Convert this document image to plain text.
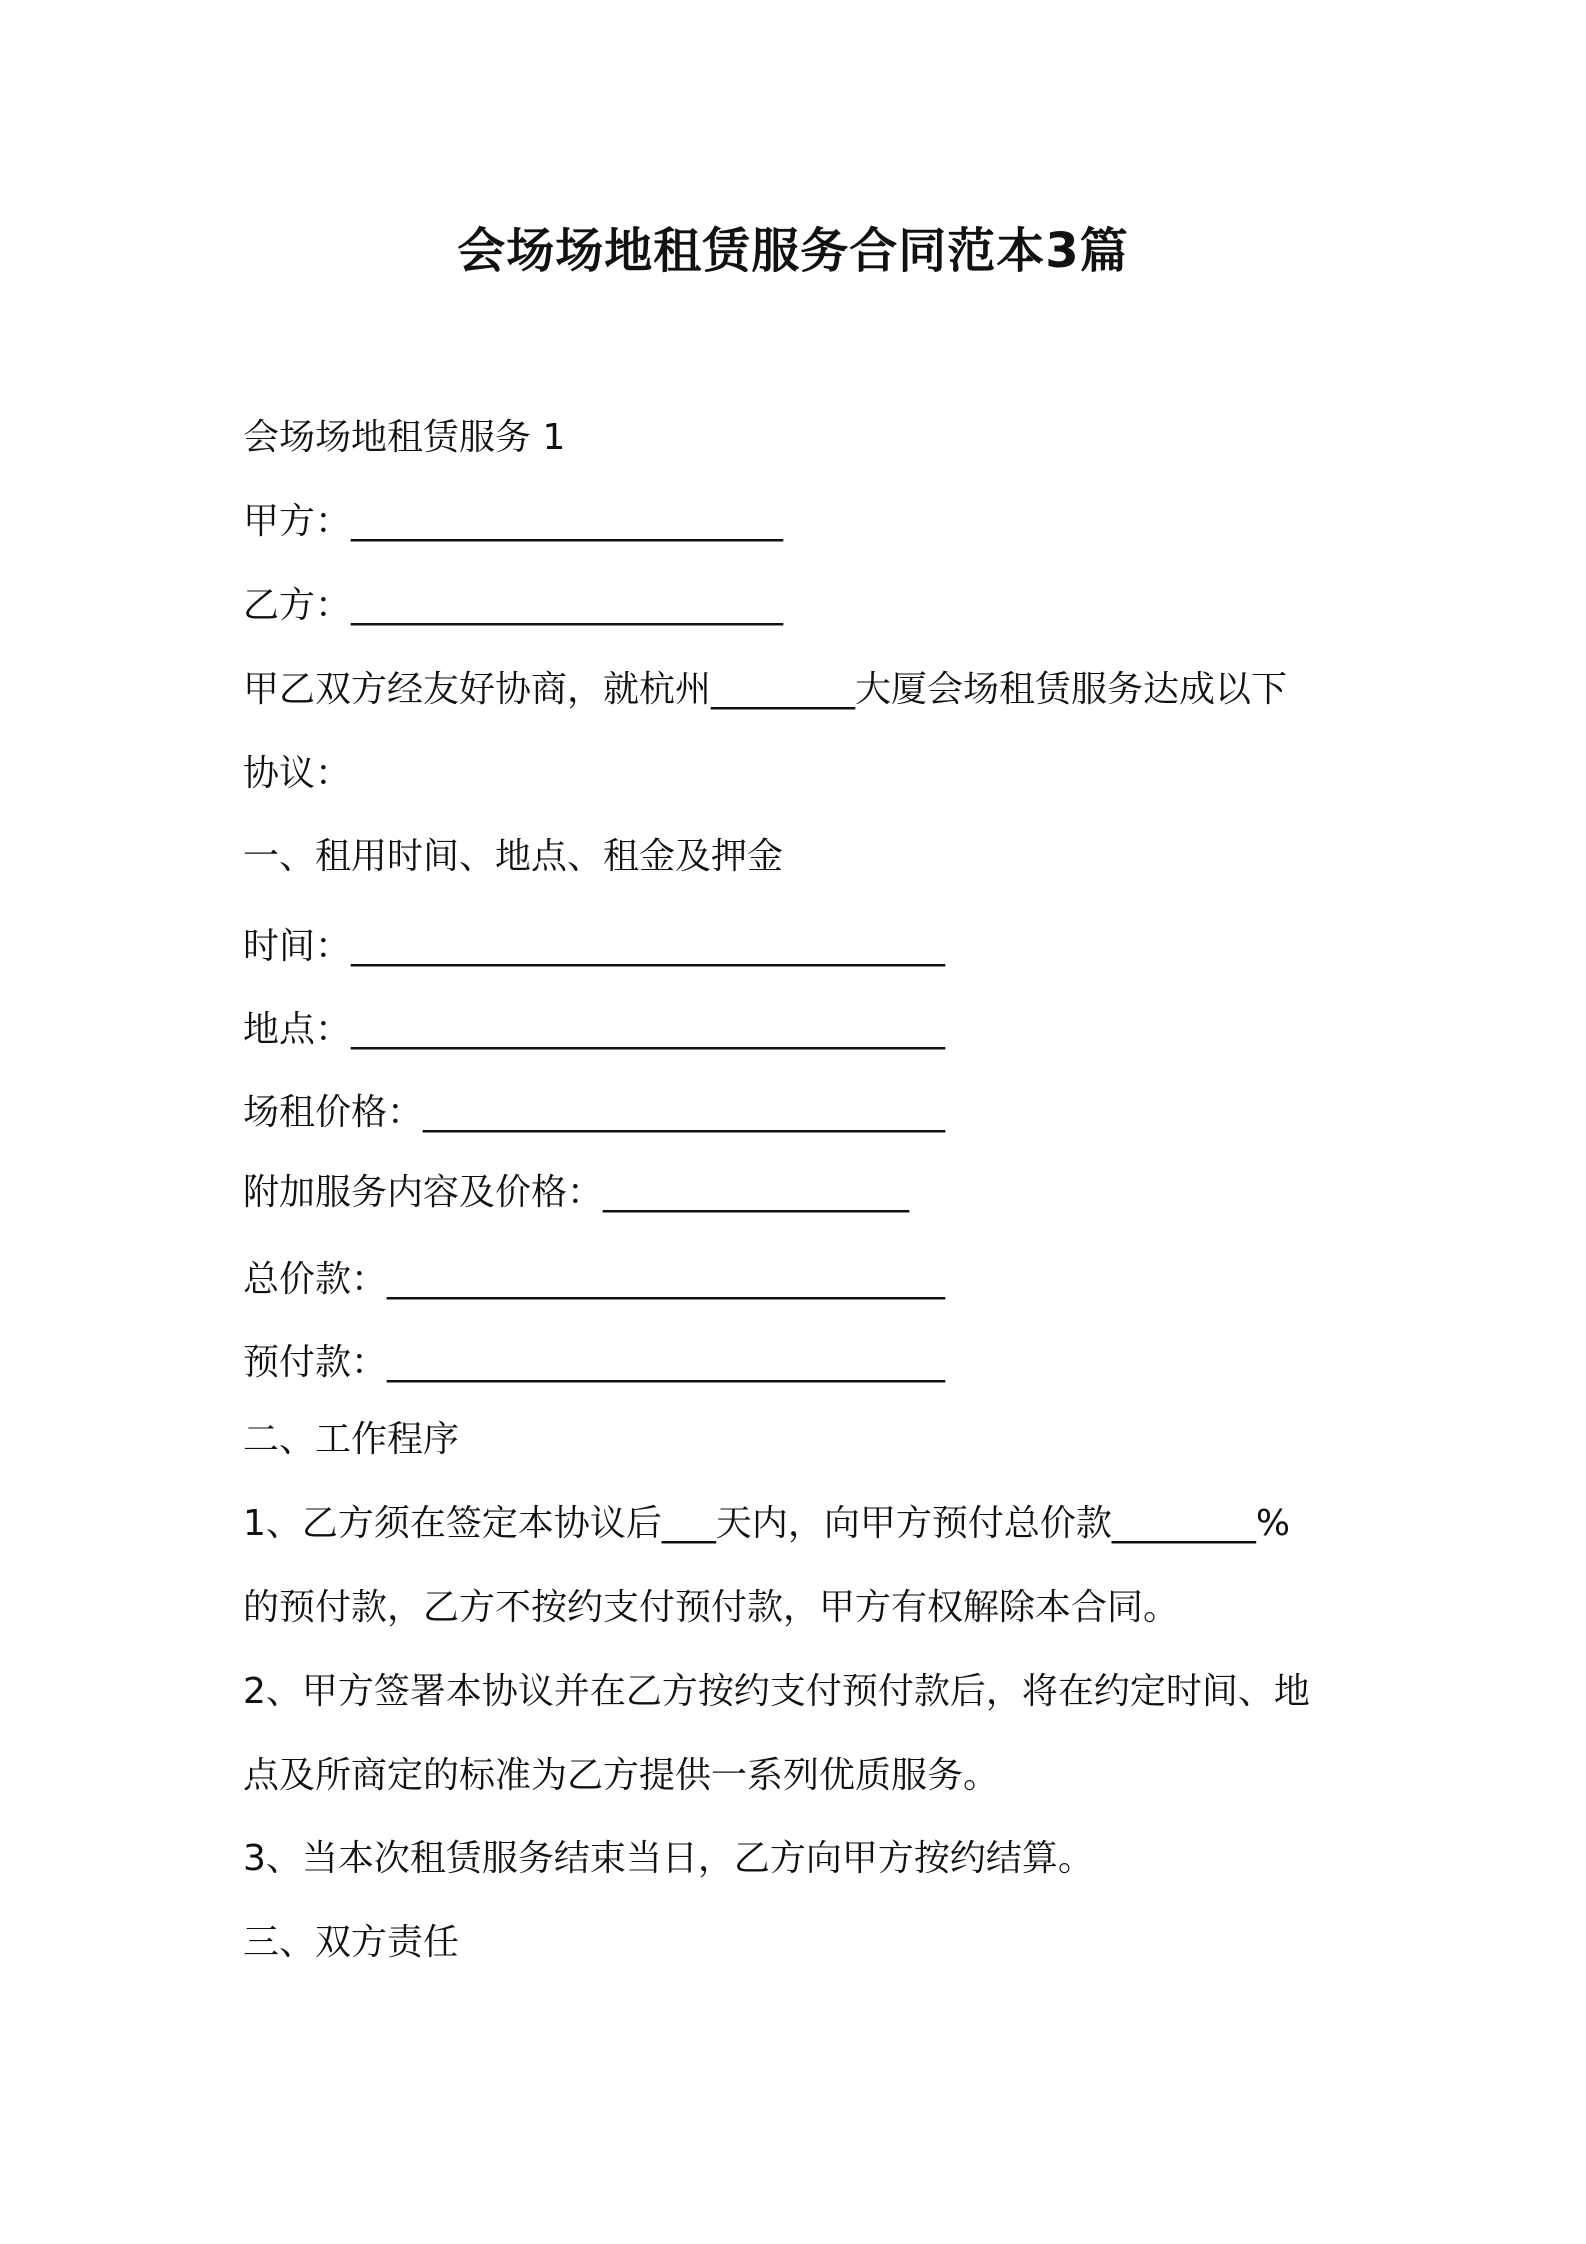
会场场地租赁服务合同范本3篇
会场场地租赁服务 1
甲方：________________________
乙方：________________________
甲乙双方经友好协商，就杭州________大厦会场租赁服务达成以下
协议：
一、租用时间、地点、租金及押金
时间：_________________________________
地点：_________________________________
场租价格：_____________________________
附加服务内容及价格：_________________
总价款：_______________________________
预付款：_______________________________
二、工作程序
1、乙方须在签定本协议后___天内，向甲方预付总价款________%
的预付款，乙方不按约支付预付款，甲方有权解除本合同。
2、甲方签署本协议并在乙方按约支付预付款后，将在约定时间、地
点及所商定的标准为乙方提供一系列优质服务。
3、当本次租赁服务结束当日，乙方向甲方按约结算。
三、双方责任
